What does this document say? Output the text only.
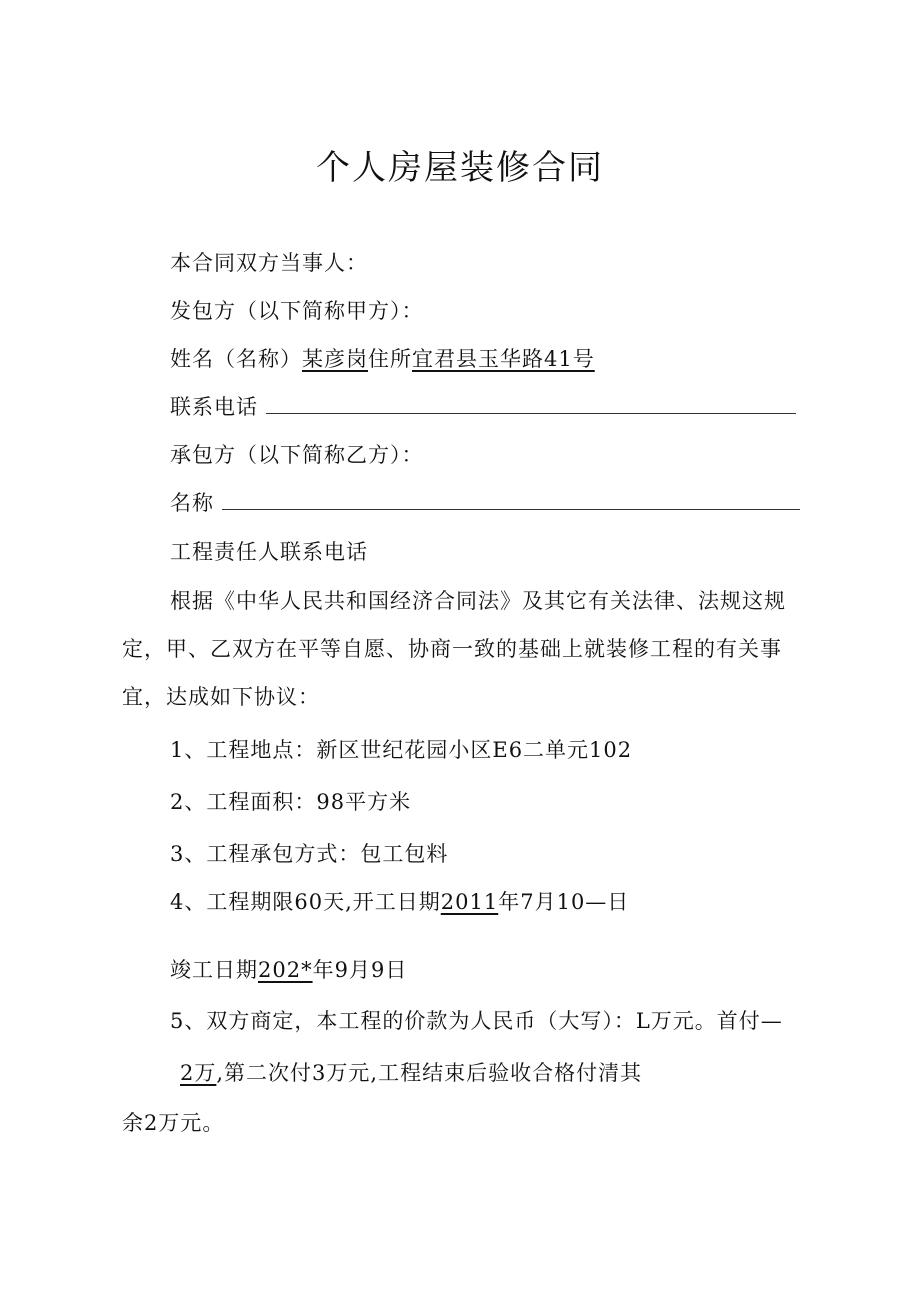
个人房屋装修合同
本合同双方当事人：
发包方（以下简称甲方）：
姓名（名称）某彦岗住所宜君县玉华路41号
联系电话
承包方（以下简称乙方）：
名称
工程责任人联系电话
根据《中华人民共和国经济合同法》及其它有关法律、法规这规
定，甲、乙双方在平等自愿、协商一致的基础上就装修工程的有关事
宜，达成如下协议：
1、工程地点：新区世纪花园小区E6二单元102
2、工程面积：98平方米
3、工程承包方式：包工包料
4、工程期限60天,开工日期2011年7月10—日
竣工日期202*年9月9日
5、双方商定，本工程的价款为人民币（大写）：L万元。首付—
2万,第二次付3万元,工程结束后验收合格付清其
余2万元。
